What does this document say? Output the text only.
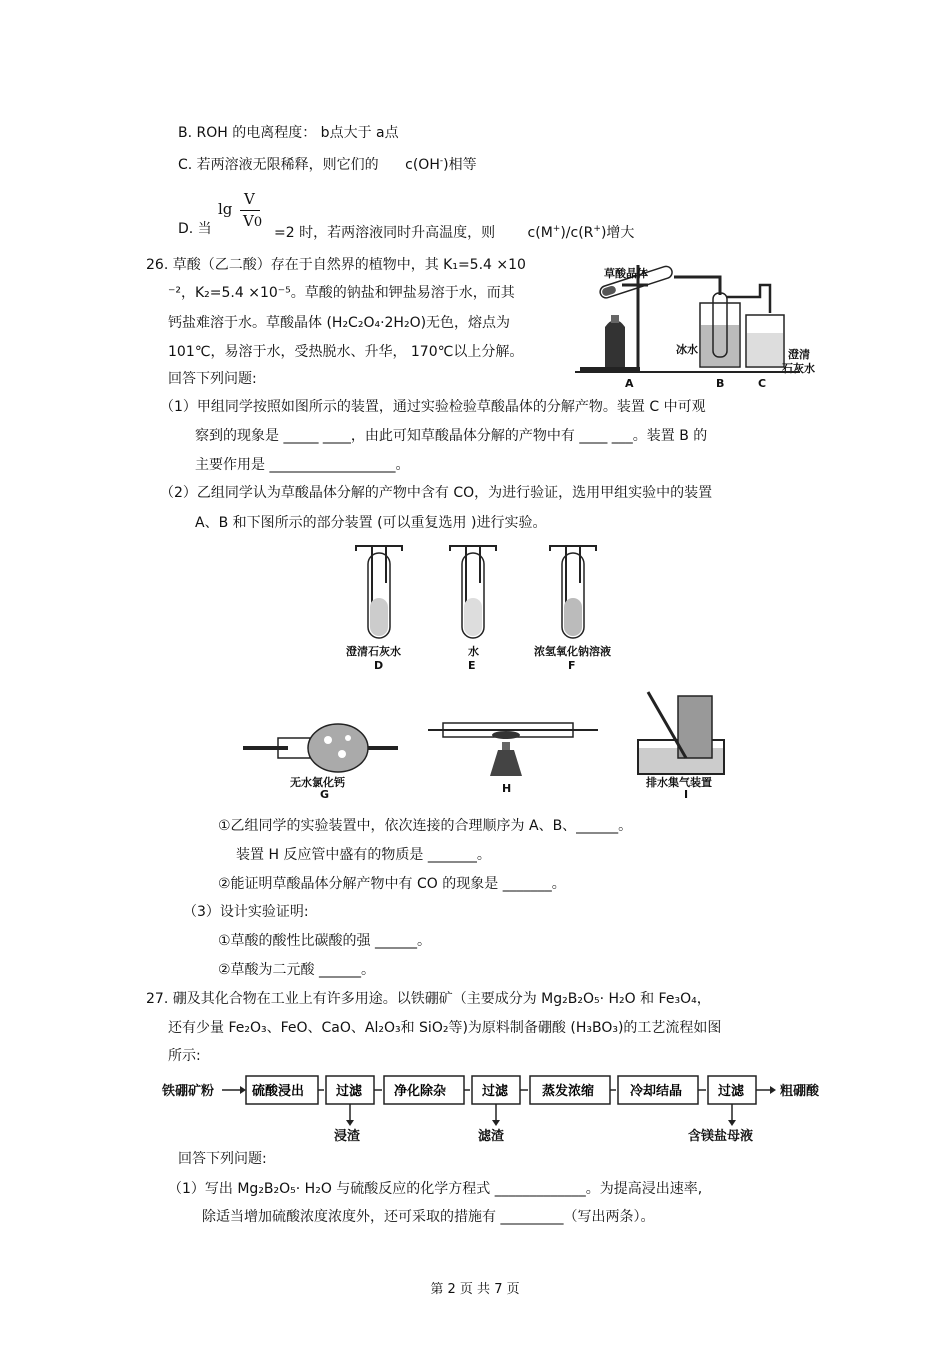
B. ROH 的电离程度： b点大于 a点
C. 若两溶液无限稀释，则它们的 c(OH-)相等
D. 当
lg
V
V0
=2 时，若两溶液同时升高温度，则 c(M+)/c(R+)增大
26. 草酸（乙二酸）存在于自然界的植物中，其 K₁=5.4 ×10
⁻²，K₂=5.4 ×10⁻⁵。草酸的钠盐和钾盐易溶于水，而其
钙盐难溶于水。草酸晶体 (H₂C₂O₄·2H₂O)无色，熔点为
101℃，易溶于水，受热脱水、升华， 170℃以上分解。
回答下列问题:
草酸晶体
冰水	澄清
石灰水
A	B	C
（1）甲组同学按照如图所示的装置，通过实验检验草酸晶体的分解产物。装置 C 中可观
察到的现象是 _____ ____，由此可知草酸晶体分解的产物中有 ____ ___。装置 B 的
主要作用是 __________________。
（2）乙组同学认为草酸晶体分解的产物中含有 CO，为进行验证，选用甲组实验中的装置
A、B 和下图所示的部分装置 (可以重复选用 )进行实验。
澄清石灰水
D
水
E
浓氢氧化钠溶液
F
无水氯化钙
G	H	排水集气装置
I
①乙组同学的实验装置中，依次连接的合理顺序为 A、B、______。
装置 H 反应管中盛有的物质是 _______。
②能证明草酸晶体分解产物中有 CO 的现象是 _______。
（3）设计实验证明:
①草酸的酸性比碳酸的强 ______。
②草酸为二元酸 ______。
27. 硼及其化合物在工业上有许多用途。以铁硼矿（主要成分为 Mg₂B₂O₅· H₂O 和 Fe₃O₄，
还有少量 Fe₂O₃、FeO、CaO、Al₂O₃和 SiO₂等)为原料制备硼酸 (H₃BO₃)的工艺流程如图
所示:
铁硼矿粉	硫酸浸出 过滤
浸渣
净化除杂	过滤
滤渣
蒸发浓缩	冷却结晶	过滤
含镁盐母液
粗硼酸
回答下列问题:
（1）写出 Mg₂B₂O₅· H₂O 与硫酸反应的化学方程式 _____________。为提高浸出速率,
除适当增加硫酸浓度浓度外，还可采取的措施有 _________（写出两条）。
第 2 页 共 7 页
